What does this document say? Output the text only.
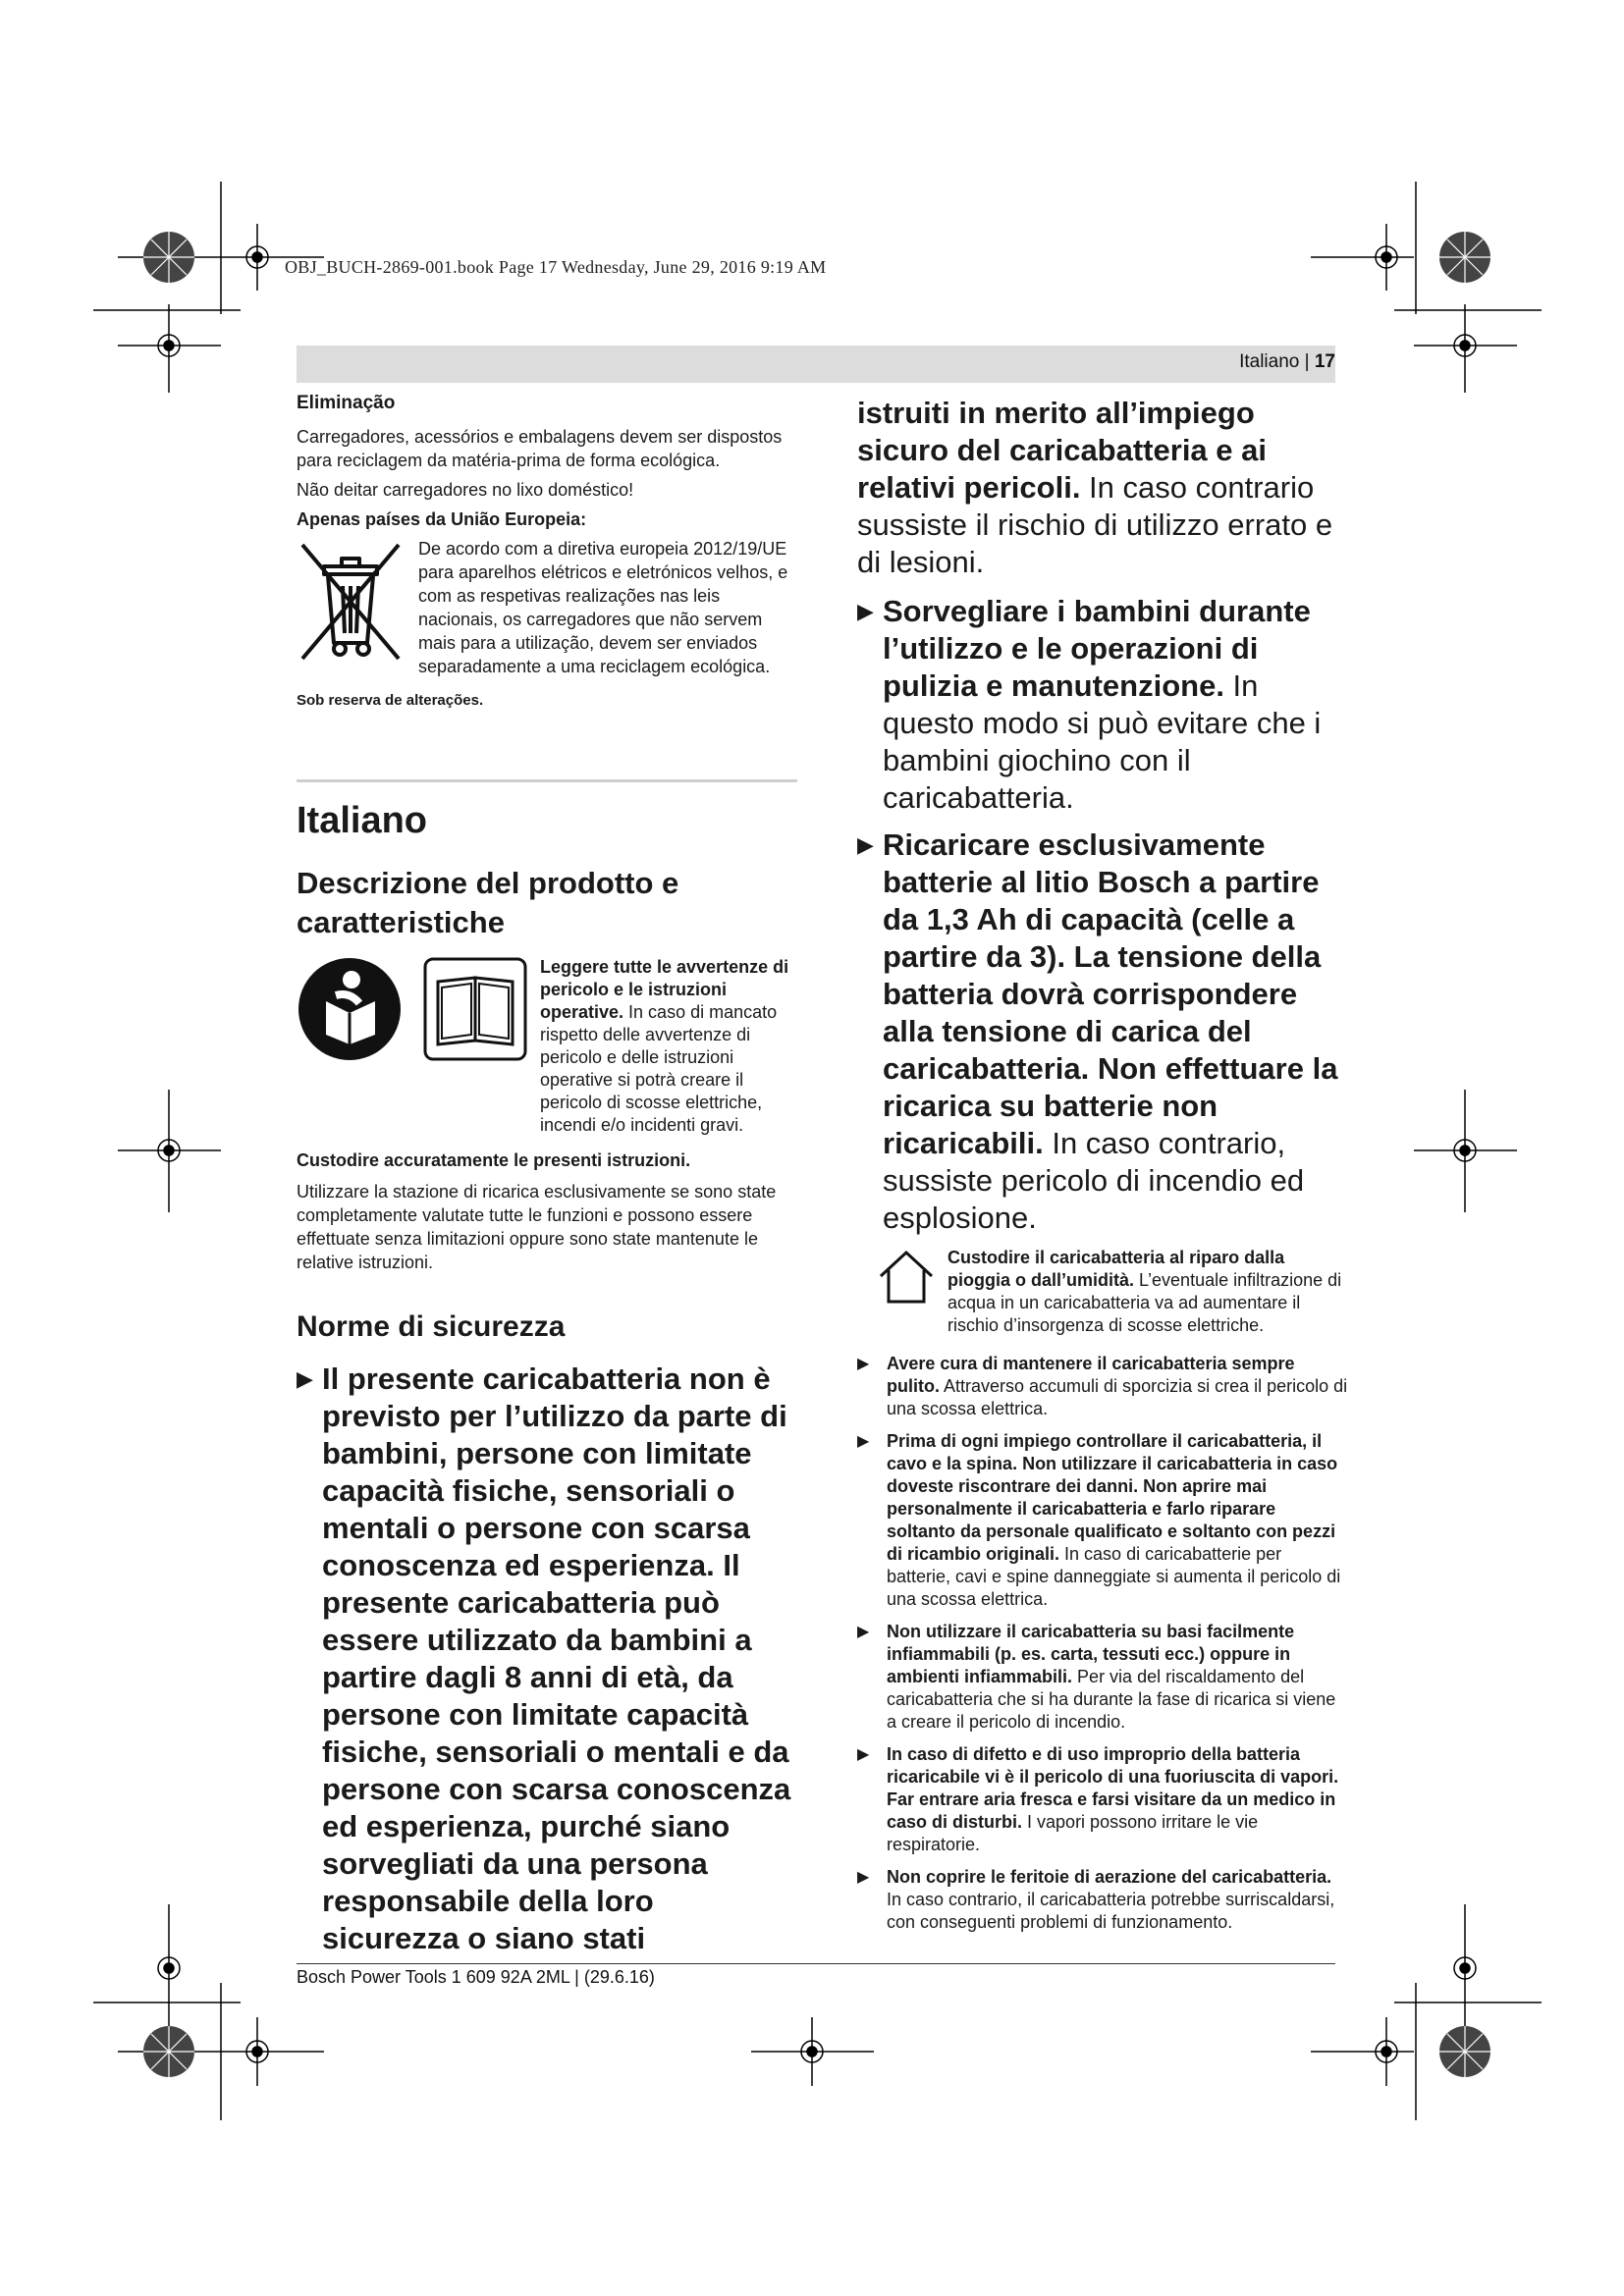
OBJ_BUCH-2869-001.book Page 17 Wednesday, June 29, 2016 9:19 AM
Italiano | 17
Eliminação
Carregadores, acessórios e embalagens devem ser dispostos para reciclagem da matéria-prima de forma ecológica.
Não deitar carregadores no lixo doméstico!
Apenas países da União Europeia:
De acordo com a diretiva europeia 2012/19/UE para aparelhos elétricos e eletrónicos velhos, e com as respetivas realizações nas leis nacionais, os carregadores que não servem mais para a utilização, devem ser enviados separadamente a uma reciclagem ecológica.
Sob reserva de alterações.
Italiano
Descrizione del prodotto e caratteristiche
Leggere tutte le avvertenze di pericolo e le istruzioni operative. In caso di mancato rispetto delle avvertenze di pericolo e delle istruzioni operative si potrà creare il pericolo di scosse elettriche, incendi e/o incidenti gravi.
Custodire accuratamente le presenti istruzioni.
Utilizzare la stazione di ricarica esclusivamente se sono state completamente valutate tutte le funzioni e possono essere effettuate senza limitazioni oppure sono state mantenute le relative istruzioni.
Norme di sicurezza
▶ Il presente caricabatteria non è previsto per l’utilizzo da parte di bambini, persone con limitate capacità fisiche, sensoriali o mentali o persone con scarsa conoscenza ed esperienza. Il presente caricabatteria può essere utilizzato da bambini a partire dagli 8 anni di età, da persone con limitate capacità fisiche, sensoriali o mentali e da persone con scarsa conoscenza ed esperienza, purché siano sorvegliati da una persona responsabile della loro sicurezza o siano stati
istruiti in merito all’impiego sicuro del caricabatteria e ai relativi pericoli. In caso contrario sussiste il rischio di utilizzo errato e di lesioni.
▶ Sorvegliare i bambini durante l’utilizzo e le operazioni di pulizia e manutenzione. In questo modo si può evitare che i bambini giochino con il caricabatteria.
▶ Ricaricare esclusivamente batterie al litio Bosch a partire da 1,3 Ah di capacità (celle a partire da 3). La tensione della batteria dovrà corrispondere alla tensione di carica del caricabatteria. Non effettuare la ricarica su batterie non ricaricabili. In caso contrario, sussiste pericolo di incendio ed esplosione.
Custodire il caricabatteria al riparo dalla pioggia o dall’umidità. L’eventuale infiltrazione di acqua in un caricabatteria va ad aumentare il rischio d’insorgenza di scosse elettriche.
▶ Avere cura di mantenere il caricabatteria sempre pulito. Attraverso accumuli di sporcizia si crea il pericolo di una scossa elettrica.
▶ Prima di ogni impiego controllare il caricabatteria, il cavo e la spina. Non utilizzare il caricabatteria in caso doveste riscontrare dei danni. Non aprire mai personalmente il caricabatteria e farlo riparare soltanto da personale qualificato e soltanto con pezzi di ricambio originali. In caso di caricabatterie per batterie, cavi e spine danneggiate si aumenta il pericolo di una scossa elettrica.
▶ Non utilizzare il caricabatteria su basi facilmente infiammabili (p. es. carta, tessuti ecc.) oppure in ambienti infiammabili. Per via del riscaldamento del caricabatteria che si ha durante la fase di ricarica si viene a creare il pericolo di incendio.
▶ In caso di difetto e di uso improprio della batteria ricaricabile vi è il pericolo di una fuoriuscita di vapori. Far entrare aria fresca e farsi visitare da un medico in caso di disturbi. I vapori possono irritare le vie respiratorie.
▶ Non coprire le feritoie di aerazione del caricabatteria. In caso contrario, il caricabatteria potrebbe surriscaldarsi, con conseguenti problemi di funzionamento.
Bosch Power Tools 1 609 92A 2ML | (29.6.16)
